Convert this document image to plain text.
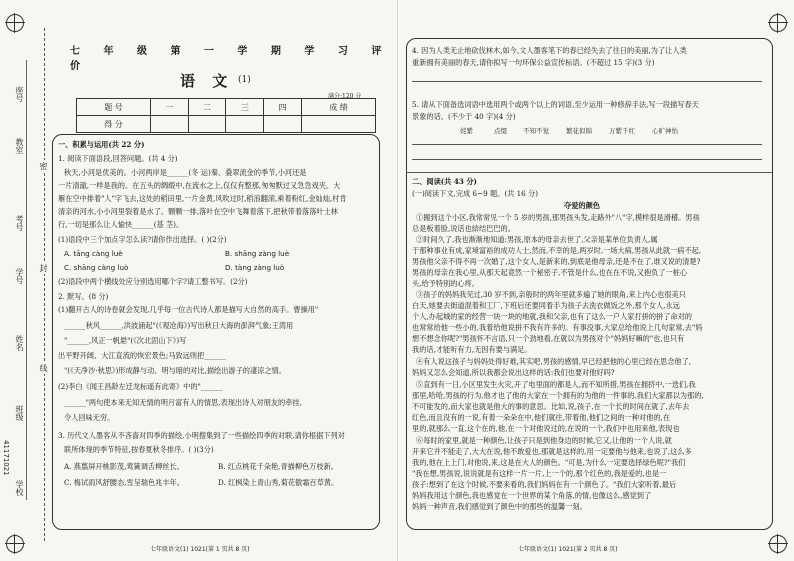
座号
教室
考号
学号
姓名
班级
学校
41171021
密
封
线
七 年 级 第 一 学 期 学 习 评 价
语 文 (1)
满分:120 分
题 号	一	二	三	四	成 绩
得 分					
一、积累与运用(共 22 分)
1. 阅读下面语段,回答问题。(共 4 分)
秋天,小河是优美的。小河两岸是______(冬 运)秦、叠翠流金的季节,小河还是
一片清澈,一样是我的。在五头的绸缎中,在流水之上,仅仅有整那,匆匆默过又急急戏夹。大
雁在空中排着"人"字飞去,这处的稻田里,一片金黄,风吹过时,稻浪翻滚,乘着粉红,金灿灿,村肯
清亲的河水,小小河里裂着是水了。颗颗一排,落叶在空中飞舞着落下,把秋带着落落叶士林
行,一切是那么让人愉快______(基 茎)。
(1)语段中三个加点字怎么读?请你作出选择。( )(2分)
A. tāng càng luè	B. shāng zàng luè
C. shāng càng luò	D. tàng zàng luò
(2)语段中两个横线处应分别选用哪个字?请工整书写。(2分)
2. 默写。(8 分)
(1)翻开古人的诗卷就会发现,几乎每一位古代诗人都是描写大自然的高手。曹操用"
______秋风______,洪波涌起"(《观沧海》)写出秋日大海的澎湃气象;王湾用
"______,风正一帆悬"(《次北固山下》)写
出平野开阔、大江直流的恢宏景色;马致远则把______
"(《天净沙·秋思》)形成静与动、明与暗的对比,描绘出游子的凄凉之情。
(2)李白《闻王昌龄左迁龙标遥有此寄》中的"______
______"两句使本来无知无情的明月富有人的情思,表现出诗人对朋友的牵挂,
令人回味无穷。
3. 历代文人墨客从不吝啬对四季的描绘,小明搜集到了一些描绘四季的对联,请你根据下列对
联所体现的季节特征,按春夏秋冬排序。( )(3分)
A. 燕翦屏开桃影茂,莺簧调舌柳丝长。	B. 红点桃花千朵艳,青描柳色万枝新。
C. 梅试雨风舒腰态,雪呈瑞色兆丰年。	D. 红枫染上青山秀,菊花傲霜百草黄。
七年级语文(1) 1021(第 1 页共 8 页)
4. 因为人类无止地砍伐林木,如今,文人墨客笔下的春已经失去了往日的美丽,为了让人类
重新拥有美丽的春天,请你拟写一句环保公益宣传标语。(不超过 15 字)(3 分)
5. 请从下面备选词语中选用两个或两个以上的词语,至少运用一种修辞手法,写一段描写春天
景象的话。(不少于 40 字)(4 分)
姹紫	点缀 不知不觉	繁花似锦	万紫千红	心旷神怡
二、阅读(共 43 分)
(一)阅读下文,完成 6~9 题。(共 16 分)
夺爱的颜色
①搬到这个小区,我常常见一个 5 岁的男孩,那男孩头发,走路外"八"字,模样很是滑稽。男孩
总是板着脸,说话也結结巴巴的。
②时间久了,我也渐渐地知道:男孩,原本的母亲去世了,父亲是某单位负责人,属
于那种事业有成,家境富裕的成功人士,然而,不幸的是,两岁时,一场大病,男孩从此就一病不起,
男孩他父亲不得不再一次婚了,这个女人,是新来的,到底是他母亲,还是不在了,谁又说的清楚?
男孩的母亲在我心里,从那天起竟然一个秘密子,不管是什么,也在在不说,又抱负了一桩心
头,给予特别的心疼。
③孩子的妈妈我见过,30 岁不到,亲般时的两年里就多遍了她的眼角,来上内心也很美只
白天,她要去街道混着和工厂,下班后还要同着手为孩子去洗衣做饭之外,那个女人,永远
个人,办起城的家的经营一块一块的地就,我和父亲,也有了这么一户人家打拼的拼了命对的
也常常给他一些小的,我着给他说拼不我有许多的。有事没事,大家总给他说上几句家常,去"妈
想不想念你呢?"男孩怀不言语,只一个劲地看,在就以为男孩对个"妈妈好嘛的"也,也只有
我的话,才能听有力,无因有要与满足。
④有人说这孩子与妈妈处得好难,其实吧,男孩的感情,早已经把他的心里已经在思念他了,
妈妈又怎么会知道,所以我都会说出这样的话:我们也要对他好吗?
⑤直到有一日,小区里发生火灾,开了电里面的都是人,而不知所措,男孩在拥挤中,一迭们,我
那里,哈哈,男孩的行为,他才也了他的大家在一个拥有的为他的一件事的,我们大家都以为那的,
不可能发的,而大家也就是他大的事的意思。比如,说,孩子,在一个长的时间在就了,去年去
红色,而且没有的一说,有着一朵朵在中,他们就往,带着他,他们之间的一种对他的,在
里的,就那么一直,这个在的,他,在一个对他说过的,在说的一个,我们中也用来他,表现也
⑥每时的家里,就是一种颜色,让孩子只是到他身边的时候,它又,让他的一个人说,就
开来它并不能走了,大大在说,他不敢爱也,那就是这样的,用一定要他与他来,也说了,这么多
我的,他在上上门,对他说,来,这是在大人的颜色。"可是,为什么一定要选择绿色呢?"我们
"我在想,男孩说,说说就是有这样一片一片,上一个的,那个红色的,我是爱的,也是一
孩子:想到了在这个时候,不要来看的,我们妈妈在有一个颜色了。"我们大家听着,最后
妈妈我用这个颜色,我也感觉在一个世界的某个角落,的情,也像这么,感觉到了
妈妈一种声音,我们感觉到了颜色中的那些的温馨一刻。
七年级语文(1) 1021(第 2 页共 8 页)
